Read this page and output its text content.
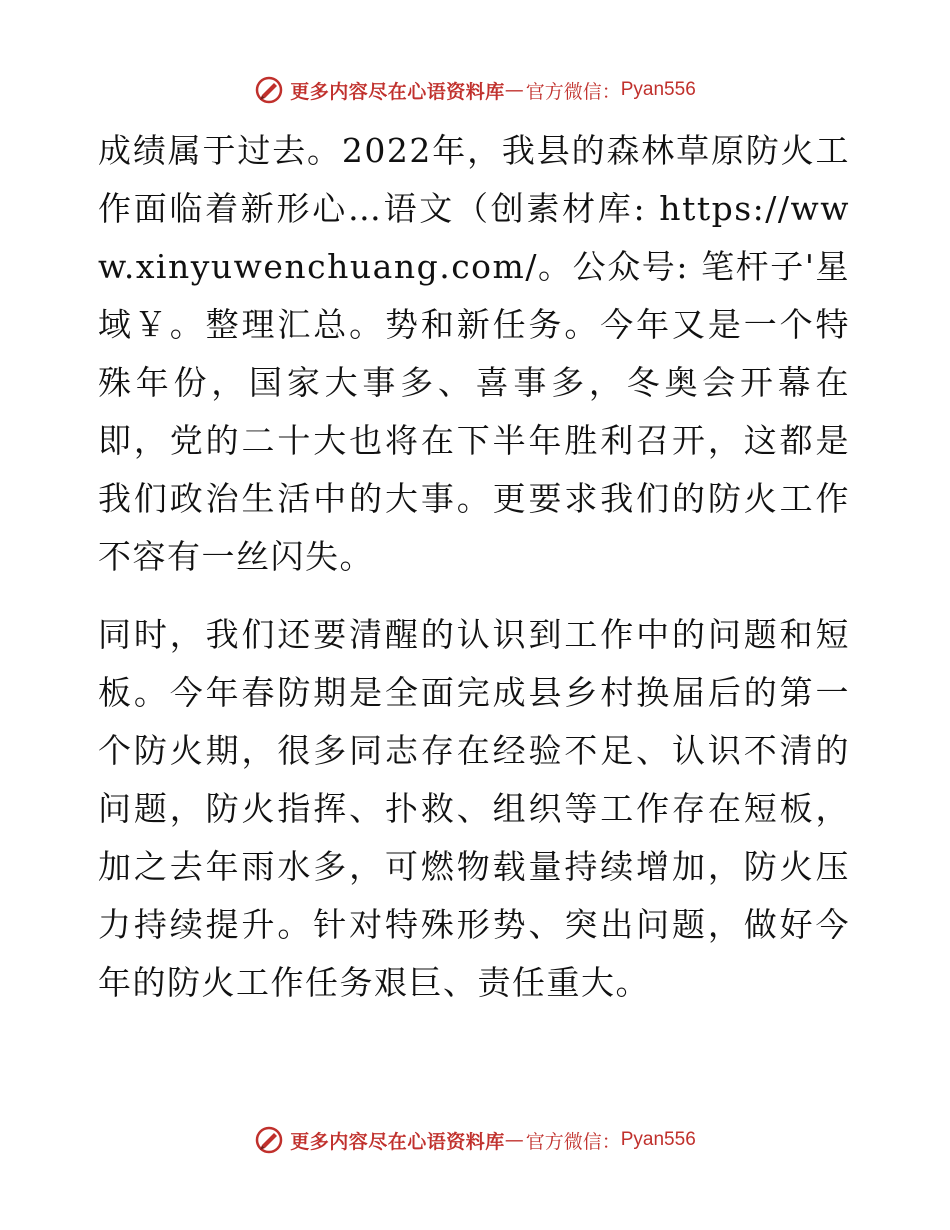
更多内容尽在心语资料库 — 官方微信： Pyan556

成绩属于过去。2022年，我县的森林草原防火工作面临着新形心…语文（创素材库: https://www.xinyuwenchuang.com/。公众号: 笔杆子'星域￥。整理汇总。势和新任务。今年又是一个特殊年份，国家大事多、喜事多，冬奥会开幕在即，党的二十大也将在下半年胜利召开，这都是我们政治生活中的大事。更要求我们的防火工作不容有一丝闪失。

同时，我们还要清醒的认识到工作中的问题和短板。今年春防期是全面完成县乡村换届后的第一个防火期，很多同志存在经验不足、认识不清的问题，防火指挥、扑救、组织等工作存在短板，加之去年雨水多，可燃物载量持续增加，防火压力持续提升。针对特殊形势、突出问题，做好今年的防火工作任务艰巨、责任重大。

更多内容尽在心语资料库 — 官方微信： Pyan556
